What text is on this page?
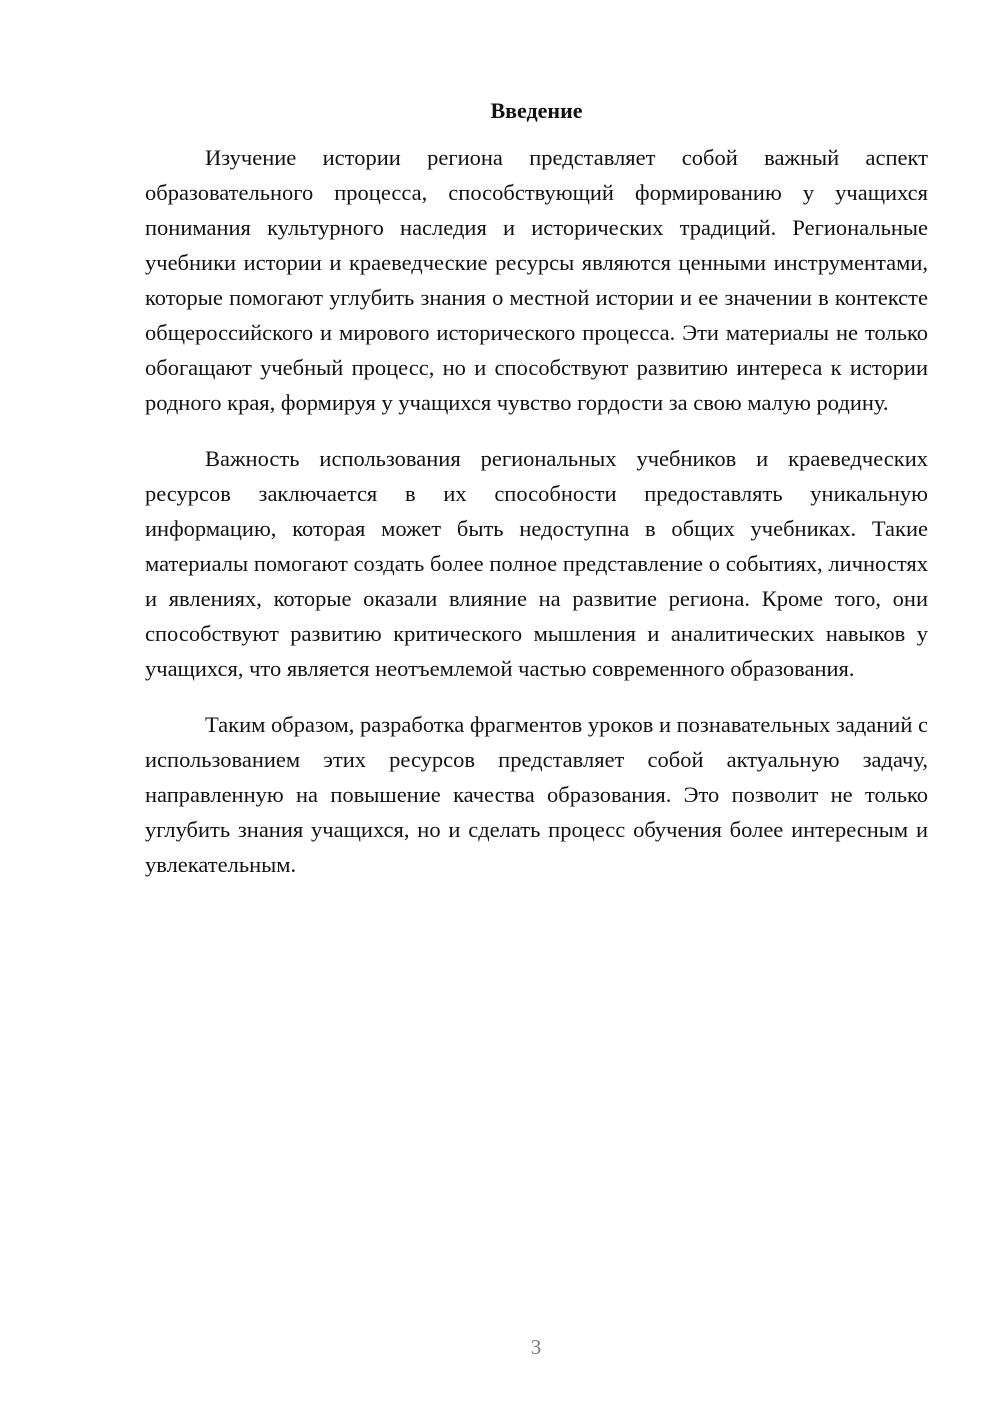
Введение

Изучение истории региона представляет собой важный аспект образовательного процесса, способствующий формированию у учащихся понимания культурного наследия и исторических традиций. Региональные учебники истории и краеведческие ресурсы являются ценными инструментами, которые помогают углубить знания о местной истории и ее значении в контексте общероссийского и мирового исторического процесса. Эти материалы не только обогащают учебный процесс, но и способствуют развитию интереса к истории родного края, формируя у учащихся чувство гордости за свою малую родину.

Важность использования региональных учебников и краеведческих ресурсов заключается в их способности предоставлять уникальную информацию, которая может быть недоступна в общих учебниках. Такие материалы помогают создать более полное представление о событиях, личностях и явлениях, которые оказали влияние на развитие региона. Кроме того, они способствуют развитию критического мышления и аналитических навыков у учащихся, что является неотъемлемой частью современного образования.

Таким образом, разработка фрагментов уроков и познавательных заданий с использованием этих ресурсов представляет собой актуальную задачу, направленную на повышение качества образования. Это позволит не только углубить знания учащихся, но и сделать процесс обучения более интересным и увлекательным.

3
